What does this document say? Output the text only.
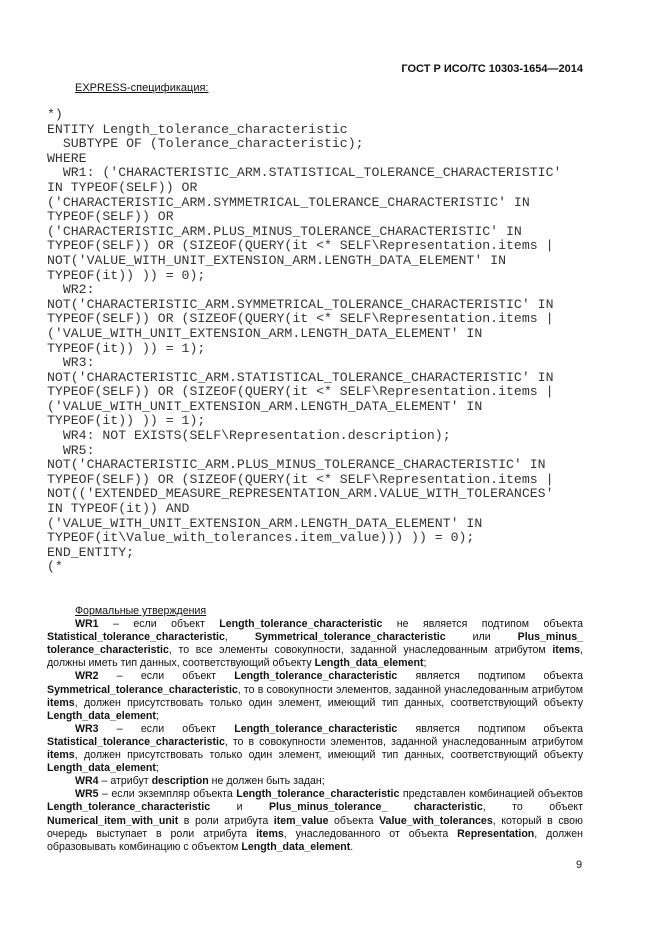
ГОСТ Р ИСО/ТС 10303-1654—2014
EXPRESS-спецификация:
*)
ENTITY Length_tolerance_characteristic
SUBTYPE OF (Tolerance_characteristic);
WHERE
WR1: ('CHARACTERISTIC_ARM.STATISTICAL_TOLERANCE_CHARACTERISTIC'
IN TYPEOF(SELF)) OR
('CHARACTERISTIC_ARM.SYMMETRICAL_TOLERANCE_CHARACTERISTIC' IN
TYPEOF(SELF)) OR
('CHARACTERISTIC_ARM.PLUS_MINUS_TOLERANCE_CHARACTERISTIC' IN
TYPEOF(SELF)) OR (SIZEOF(QUERY(it <* SELF\Representation.items |
NOT('VALUE_WITH_UNIT_EXTENSION_ARM.LENGTH_DATA_ELEMENT' IN
TYPEOF(it)) )) = 0);
WR2:
NOT('CHARACTERISTIC_ARM.SYMMETRICAL_TOLERANCE_CHARACTERISTIC' IN
TYPEOF(SELF)) OR (SIZEOF(QUERY(it <* SELF\Representation.items |
('VALUE_WITH_UNIT_EXTENSION_ARM.LENGTH_DATA_ELEMENT' IN
TYPEOF(it)) )) = 1);
WR3:
NOT('CHARACTERISTIC_ARM.STATISTICAL_TOLERANCE_CHARACTERISTIC' IN
TYPEOF(SELF)) OR (SIZEOF(QUERY(it <* SELF\Representation.items |
('VALUE_WITH_UNIT_EXTENSION_ARM.LENGTH_DATA_ELEMENT' IN
TYPEOF(it)) )) = 1);
WR4: NOT EXISTS(SELF\Representation.description);
WR5:
NOT('CHARACTERISTIC_ARM.PLUS_MINUS_TOLERANCE_CHARACTERISTIC' IN
TYPEOF(SELF)) OR (SIZEOF(QUERY(it <* SELF\Representation.items |
NOT(('EXTENDED_MEASURE_REPRESENTATION_ARM.VALUE_WITH_TOLERANCES'
IN TYPEOF(it)) AND
('VALUE_WITH_UNIT_EXTENSION_ARM.LENGTH_DATA_ELEMENT' IN
TYPEOF(it\Value_with_tolerances.item_value))) )) = 0);
END_ENTITY;
(*
Формальные утверждения

WR1 – если объект Length_tolerance_characteristic не является подтипом объекта Statistical_tolerance_characteristic, Symmetrical_tolerance_characteristic или Plus_minus_ tolerance_characteristic, то все элементы совокупности, заданной унаследованным атрибутом items, должны иметь тип данных, соответствующий объекту Length_data_element;

WR2 – если объект Length_tolerance_characteristic является подтипом объекта Symmetrical_tolerance_characteristic, то в совокупности элементов, заданной унаследованным атрибутом items, должен присутствовать только один элемент, имеющий тип данных, соответствующий объекту Length_data_element;

WR3 – если объект Length_tolerance_characteristic является подтипом объекта Statistical_tolerance_characteristic, то в совокупности элементов, заданной унаследованным атрибутом items, должен присутствовать только один элемент, имеющий тип данных, соответствующий объекту Length_data_element;

WR4 – атрибут description не должен быть задан;

WR5 – если экземпляр объекта Length_tolerance_characteristic представлен комбинацией объектов Length_tolerance_characteristic и Plus_minus_tolerance_ characteristic, то объект Numerical_item_with_unit в роли атрибута item_value объекта Value_with_tolerances, который в свою очередь выступает в роли атрибута items, унаследованного от объекта Representation, должен образовывать комбинацию с объектом Length_data_element.

9
